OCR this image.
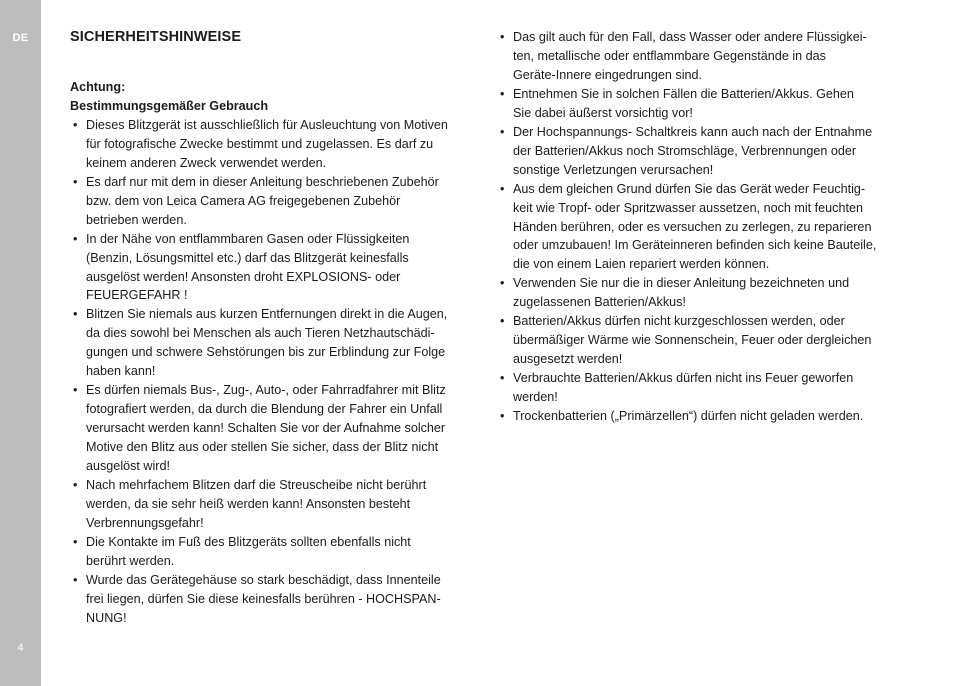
DE
4
SICHERHEITSHINWEISE
Achtung:
Bestimmungsgemäßer Gebrauch
• Dieses Blitzgerät ist ausschließlich für Ausleuchtung von Motiven
für fotografische Zwecke bestimmt und zugelassen. Es darf zu
keinem anderen Zweck verwendet werden.
• Es darf nur mit dem in dieser Anleitung beschriebenen Zubehör
bzw. dem von Leica Camera AG freigegebenen Zubehör
betrieben werden.
• In der Nähe von entflammbaren Gasen oder Flüssigkeiten
(Benzin, Lösungsmittel etc.) darf das Blitzgerät keinesfalls
ausgelöst werden! Ansonsten droht EXPLOSIONS- oder
FEUERGEFAHR !
• Blitzen Sie niemals aus kurzen Entfernungen direkt in die Augen,
da dies sowohl bei Menschen als auch Tieren Netzhautschädi-
gungen und schwere Sehstörungen bis zur Erblindung zur Folge
haben kann!
• Es dürfen niemals Bus-, Zug-, Auto-, oder Fahrradfahrer mit Blitz
fotografiert werden, da durch die Blendung der Fahrer ein Unfall
verursacht werden kann! Schalten Sie vor der Aufnahme solcher
Motive den Blitz aus oder stellen Sie sicher, dass der Blitz nicht
ausgelöst wird!
• Nach mehrfachem Blitzen darf die Streuscheibe nicht berührt
werden, da sie sehr heiß werden kann! Ansonsten besteht
Verbrennungsgefahr!
• Die Kontakte im Fuß des Blitzgeräts sollten ebenfalls nicht
berührt werden.
• Wurde das Gerätegehäuse so stark beschädigt, dass Innenteile
frei liegen, dürfen Sie diese keinesfalls berühren - HOCHSPAN-
NUNG!
• Das gilt auch für den Fall, dass Wasser oder andere Flüssigkei-
ten, metallische oder entflammbare Gegenstände in das
Geräte-Innere eingedrungen sind.
• Entnehmen Sie in solchen Fällen die Batterien/Akkus. Gehen
Sie dabei äußerst vorsichtig vor!
• Der Hochspannungs- Schaltkreis kann auch nach der Entnahme
der Batterien/Akkus noch Stromschläge, Verbrennungen oder
sonstige Verletzungen verursachen!
• Aus dem gleichen Grund dürfen Sie das Gerät weder Feuchtig-
keit wie Tropf- oder Spritzwasser aussetzen, noch mit feuchten
Händen berühren, oder es versuchen zu zerlegen, zu reparieren
oder umzubauen! Im Geräteinneren befinden sich keine Bauteile,
die von einem Laien repariert werden können.
• Verwenden Sie nur die in dieser Anleitung bezeichneten und
zugelassenen Batterien/Akkus!
• Batterien/Akkus dürfen nicht kurzgeschlossen werden, oder
übermäßiger Wärme wie Sonnenschein, Feuer oder dergleichen
ausgesetzt werden!
• Verbrauchte Batterien/Akkus dürfen nicht ins Feuer geworfen
werden!
• Trockenbatterien („Primärzellen“) dürfen nicht geladen werden.
